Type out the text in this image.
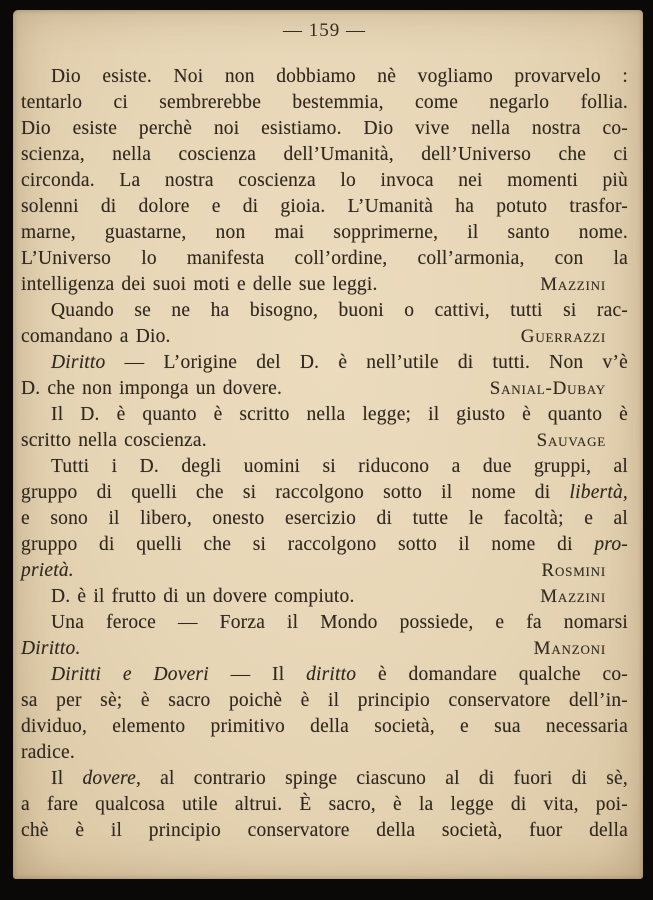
— 159 —
Dio esiste. Noi non dobbiamo nè vogliamo provarvelo :
tentarlo ci sembrerebbe bestemmia, come negarlo follia.
Dio esiste perchè noi esistiamo. Dio vive nella nostra co-
scienza, nella coscienza dell’Umanità, dell’Universo che ci
circonda. La nostra coscienza lo invoca nei momenti più
solenni di dolore e di gioia. L’Umanità ha potuto trasfor-
marne, guastarne, non mai sopprimerne, il santo nome.
L’Universo lo manifesta coll’ordine, coll’armonia, con la
intelligenza dei suoi moti e delle sue leggi.	Mazzini
Quando se ne ha bisogno, buoni o cattivi, tutti si rac-
comandano a Dio.	Guerrazzi
Diritto — L’origine del D. è nell’utile di tutti. Non v’è
D. che non imponga un dovere.	Sanial-Dubay
Il D. è quanto è scritto nella legge; il giusto è quanto è
scritto nella coscienza.	Sauvage
Tutti i D. degli uomini si riducono a due gruppi, al
gruppo di quelli che si raccolgono sotto il nome di libertà,
e sono il libero, onesto esercizio di tutte le facoltà; e al
gruppo di quelli che si raccolgono sotto il nome di pro-
prietà.	Rosmini
D. è il frutto di un dovere compiuto.	Mazzini
Una feroce — Forza il Mondo possiede, e fa nomarsi
Diritto.	Manzoni
Diritti e Doveri — Il diritto è domandare qualche co-
sa per sè; è sacro poichè è il principio conservatore dell’in-
dividuo, elemento primitivo della società, e sua necessaria
radice.
Il dovere, al contrario spinge ciascuno al di fuori di sè,
a fare qualcosa utile altrui. È sacro, è la legge di vita, poi-
chè è il principio conservatore della società, fuor della
